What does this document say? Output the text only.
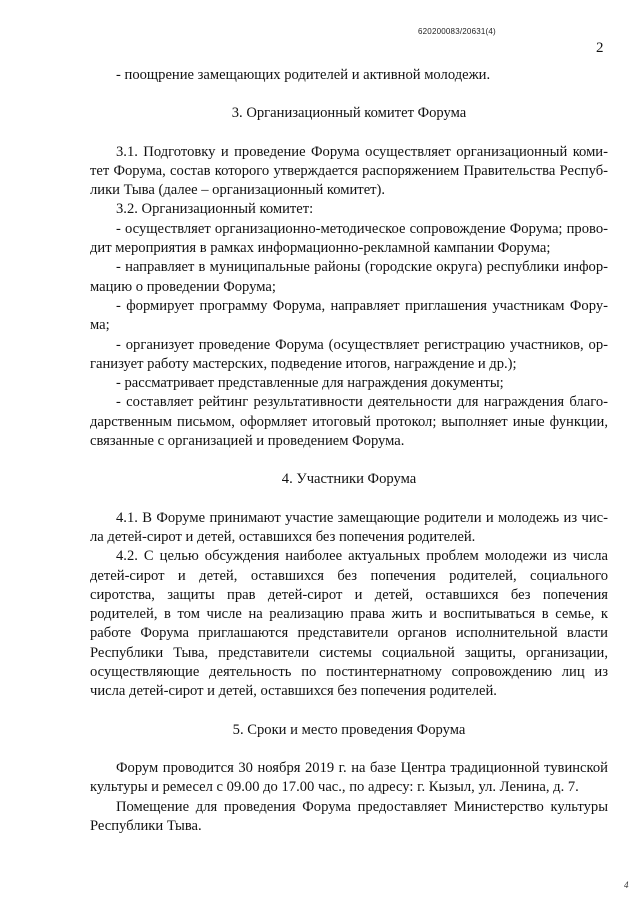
620200083/20631(4)
2

- поощрение замещающих родителей и активной молодежи.

3. Организационный комитет Форума

3.1. Подготовку и проведение Форума осуществляет организационный комитет Форума, состав которого утверждается распоряжением Правительства Республики Тыва (далее – организационный комитет).

3.2. Организационный комитет:

- осуществляет организационно-методическое сопровождение Форума; проводит мероприятия в рамках информационно-рекламной кампании Форума;

- направляет в муниципальные районы (городские округа) республики информацию о проведении Форума;

- формирует программу Форума, направляет приглашения участникам Форума;

- организует проведение Форума (осуществляет регистрацию участников, организует работу мастерских, подведение итогов, награждение и др.);

- рассматривает представленные для награждения документы;

- составляет рейтинг результативности деятельности для награждения благодарственным письмом, оформляет итоговый протокол; выполняет иные функции, связанные с организацией и проведением Форума.

4. Участники Форума

4.1. В Форуме принимают участие замещающие родители и молодежь из числа детей-сирот и детей, оставшихся без попечения родителей.

4.2. С целью обсуждения наиболее актуальных проблем молодежи из числа детей-сирот и детей, оставшихся без попечения родителей, социального сиротства, защиты прав детей-сирот и детей, оставшихся без попечения родителей, в том числе на реализацию права жить и воспитываться в семье, к работе Форума приглашаются представители органов исполнительной власти Республики Тыва, представители системы социальной защиты, организации, осуществляющие деятельность по постинтернатному сопровождению лиц из числа детей-сирот и детей, оставшихся без попечения родителей.

5. Сроки и место проведения Форума

Форум проводится 30 ноября 2019 г. на базе Центра традиционной тувинской культуры и ремесел с 09.00 до 17.00 час., по адресу: г. Кызыл, ул. Ленина, д. 7.

Помещение для проведения Форума предоставляет Министерство культуры Республики Тыва.

4
